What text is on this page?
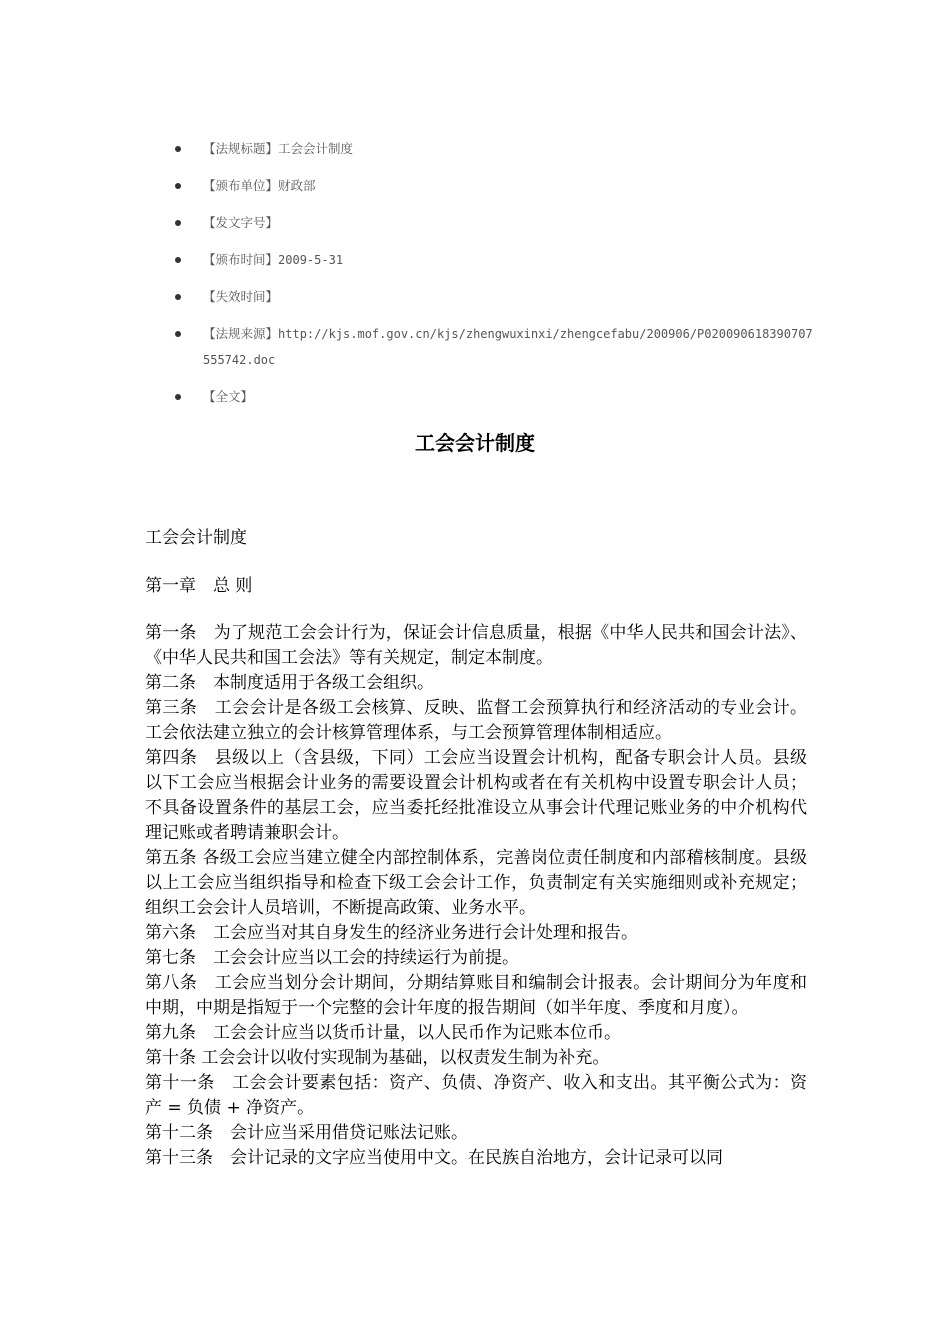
【法规标题】工会会计制度
【颁布单位】财政部
【发文字号】
【颁布时间】2009-5-31
【失效时间】
【法规来源】http://kjs.mof.gov.cn/kjs/zhengwuxinxi/zhengcefabu/200906/P020090618390707555742.doc
【全文】
工会会计制度

工会会计制度

第一章　总 则

第一条　为了规范工会会计行为，保证会计信息质量，根据《中华人民共和国会计法》、《中华人民共和国工会法》等有关规定，制定本制度。

第二条　本制度适用于各级工会组织。

第三条　工会会计是各级工会核算、反映、监督工会预算执行和经济活动的专业会计。工会依法建立独立的会计核算管理体系，与工会预算管理体制相适应。

第四条　县级以上（含县级，下同）工会应当设置会计机构，配备专职会计人员。县级以下工会应当根据会计业务的需要设置会计机构或者在有关机构中设置专职会计人员；不具备设置条件的基层工会，应当委托经批准设立从事会计代理记账业务的中介机构代理记账或者聘请兼职会计。

第五条 各级工会应当建立健全内部控制体系，完善岗位责任制度和内部稽核制度。县级以上工会应当组织指导和检查下级工会会计工作，负责制定有关实施细则或补充规定；组织工会会计人员培训，不断提高政策、业务水平。

第六条　工会应当对其自身发生的经济业务进行会计处理和报告。

第七条　工会会计应当以工会的持续运行为前提。

第八条　工会应当划分会计期间，分期结算账目和编制会计报表。会计期间分为年度和中期，中期是指短于一个完整的会计年度的报告期间（如半年度、季度和月度）。

第九条　工会会计应当以货币计量，以人民币作为记账本位币。

第十条 工会会计以收付实现制为基础，以权责发生制为补充。

第十一条　工会会计要素包括：资产、负债、净资产、收入和支出。其平衡公式为：资产 = 负债 + 净资产。

第十二条　会计应当采用借贷记账法记账。

第十三条　会计记录的文字应当使用中文。在民族自治地方，会计记录可以同
